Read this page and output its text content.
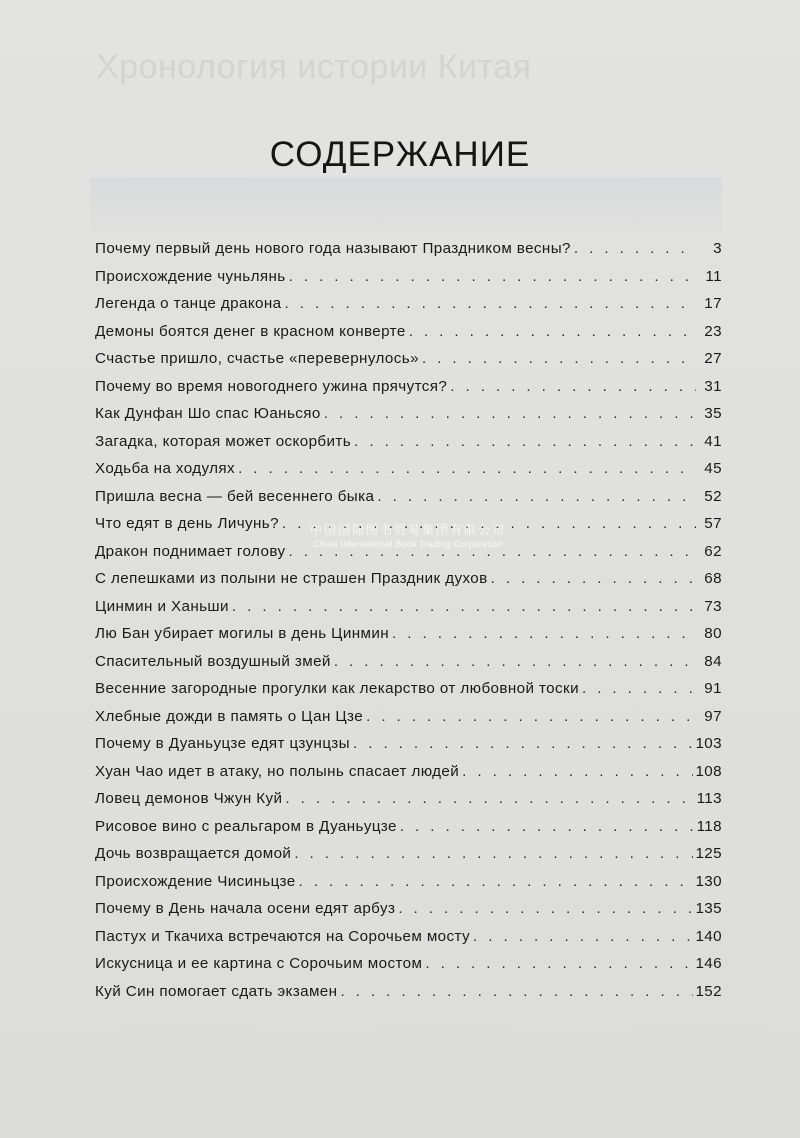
Хронология истории Китая
СОДЕРЖАНИЕ
Почему первый день нового года называют Праздником весны? . . .	3
Происхождение чуньлянь . . .	11
Легенда о танце дракона . . .	17
Демоны боятся денег в красном конверте . . .	23
Счастье пришло, счастье «перевернулось» . . .	27
Почему во время новогоднего ужина прячутся? . . .	31
Как Дунфан Шо спас Юаньсяо . . .	35
Загадка, которая может оскорбить . . .	41
Ходьба на ходулях . . .	45
Пришла весна — бей весеннего быка . . .	52
Что едят в день Личунь? . . .	57
Дракон поднимает голову . . .	62
С лепешками из полыни не страшен Праздник духов . . .	68
Цинмин и Ханьши . . .	73
Лю Бан убирает могилы в день Цинмин . . .	80
Спасительный воздушный змей . . .	84
Весенние загородные прогулки как лекарство от любовной тоски . . .	91
Хлебные дожди в память о Цан Цзе . . .	97
Почему в Дуаньуцзе едят цзунцзы . . .	103
Хуан Чао идет в атаку, но полынь спасает людей . . .	108
Ловец демонов Чжун Куй . . .	113
Рисовое вино с реальгаром в Дуаньуцзе . . .	118
Дочь возвращается домой . . .	125
Происхождение Чисиньцзе . . .	130
Почему в День начала осени едят арбуз . . .	135
Пастух и Ткачиха встречаются на Сорочьем мосту . . .	140
Искусница и ее картина с Сорочьим мостом . . .	146
Куй Син помогает сдать экзамен . . .	152
中国国际图书贸易集团有限公司
China International Book Trading Corporation
